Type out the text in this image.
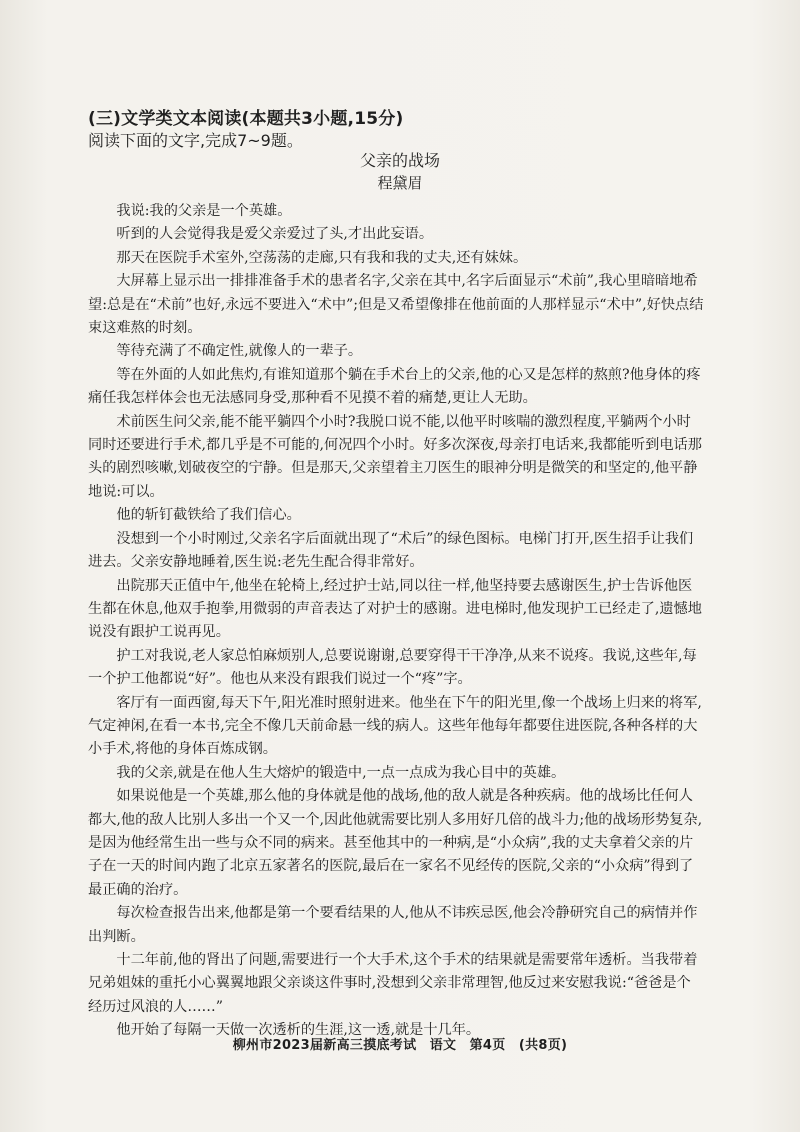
(三)文学类文本阅读(本题共3小题,15分)
阅读下面的文字,完成7~9题。
父亲的战场
程黛眉

　　我说:我的父亲是一个英雄。

　　听到的人会觉得我是爱父亲爱过了头,才出此妄语。

　　那天在医院手术室外,空荡荡的走廊,只有我和我的丈夫,还有妹妹。

　　大屏幕上显示出一排排准备手术的患者名字,父亲在其中,名字后面显示“术前”,我心里暗暗地希望:总是在“术前”也好,永远不要进入“术中”;但是又希望像排在他前面的人那样显示“术中”,好快点结束这难熬的时刻。

　　等待充满了不确定性,就像人的一辈子。

　　等在外面的人如此焦灼,有谁知道那个躺在手术台上的父亲,他的心又是怎样的熬煎?他身体的疼痛任我怎样体会也无法感同身受,那种看不见摸不着的痛楚,更让人无助。

　　术前医生问父亲,能不能平躺四个小时?我脱口说不能,以他平时咳喘的激烈程度,平躺两个小时同时还要进行手术,都几乎是不可能的,何况四个小时。好多次深夜,母亲打电话来,我都能听到电话那头的剧烈咳嗽,划破夜空的宁静。但是那天,父亲望着主刀医生的眼神分明是微笑的和坚定的,他平静地说:可以。

　　他的斩钉截铁给了我们信心。

　　没想到一个小时刚过,父亲名字后面就出现了“术后”的绿色图标。电梯门打开,医生招手让我们进去。父亲安静地睡着,医生说:老先生配合得非常好。

　　出院那天正值中午,他坐在轮椅上,经过护士站,同以往一样,他坚持要去感谢医生,护士告诉他医生都在休息,他双手抱拳,用微弱的声音表达了对护士的感谢。进电梯时,他发现护工已经走了,遗憾地说没有跟护工说再见。

　　护工对我说,老人家总怕麻烦别人,总要说谢谢,总要穿得干干净净,从来不说疼。我说,这些年,每一个护工他都说“好”。他也从来没有跟我们说过一个“疼”字。

　　客厅有一面西窗,每天下午,阳光准时照射进来。他坐在下午的阳光里,像一个战场上归来的将军,气定神闲,在看一本书,完全不像几天前命悬一线的病人。这些年他每年都要住进医院,各种各样的大小手术,将他的身体百炼成钢。

　　我的父亲,就是在他人生大熔炉的锻造中,一点一点成为我心目中的英雄。

　　如果说他是一个英雄,那么他的身体就是他的战场,他的敌人就是各种疾病。他的战场比任何人都大,他的敌人比别人多出一个又一个,因此他就需要比别人多用好几倍的战斗力;他的战场形势复杂,是因为他经常生出一些与众不同的病来。甚至他其中的一种病,是“小众病”,我的丈夫拿着父亲的片子在一天的时间内跑了北京五家著名的医院,最后在一家名不见经传的医院,父亲的“小众病”得到了最正确的治疗。

　　每次检查报告出来,他都是第一个要看结果的人,他从不讳疾忌医,他会冷静研究自己的病情并作出判断。

　　十二年前,他的肾出了问题,需要进行一个大手术,这个手术的结果就是需要常年透析。当我带着兄弟姐妹的重托小心翼翼地跟父亲谈这件事时,没想到父亲非常理智,他反过来安慰我说:“爸爸是个经历过风浪的人……”

　　他开始了每隔一天做一次透析的生涯,这一透,就是十几年。

柳州市2023届新高三摸底考试　语文　第4页　(共8页)
